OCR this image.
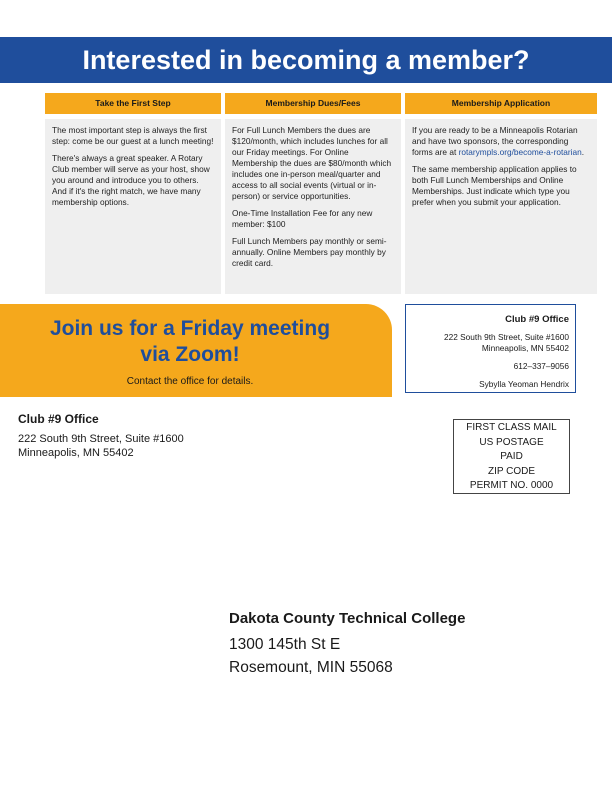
Interested in becoming a member?
Take the First Step	Membership Dues/Fees	Membership Application

The most important step is always the first step: come be our guest at a lunch meeting!

There's always a great speaker. A Rotary Club member will serve as your host, show you around and introduce you to others. And if it's the right match, we have many membership options.

For Full Lunch Members the dues are $120/month, which includes lunches for all our Friday meetings. For Online Membership the dues are $80/month which includes one in-person meal/quarter and access to all social events (virtual or in-person) or service opportunities.

One-Time Installation Fee for any new member: $100

Full Lunch Members pay monthly or semi-annually. Online Members pay monthly by credit card.

If you are ready to be a Minneapolis Rotarian and have two sponsors, the corresponding forms are at rotarympls.org/become-a-rotarian.

The same membership application applies to both Full Lunch Memberships and Online Memberships. Just indicate which type you prefer when you submit your application.

Join us for a Friday meeting
via Zoom!
Contact the office for details.
Club #9 Office
222 South 9th Street, Suite #1600
Minneapolis, MN 55402
612–337–9056
Sybylla Yeoman Hendrix
Club #9 Office
222 South 9th Street, Suite #1600
Minneapolis, MN 55402
FIRST CLASS MAIL
US POSTAGE
PAID
ZIP CODE
PERMIT NO. 0000
Dakota County Technical College
1300 145th St E
Rosemount, MIN 55068
